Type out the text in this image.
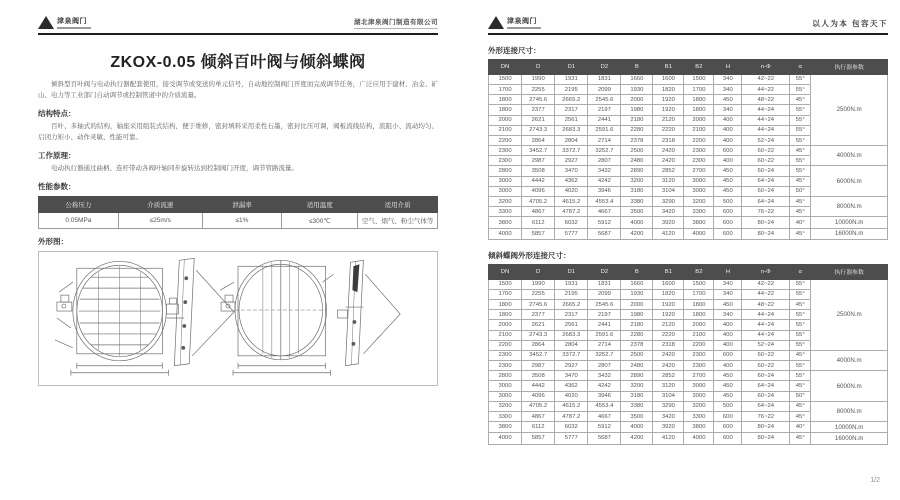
津泉阀门	湖北津泉阀门制造有限公司
ZKOX-0.05 倾斜百叶阀与倾斜蝶阀
倾斜型百叶阀与电动执行器配套使用，接受调节或变送的单元信号，自动地控制阀门开度而完成调节任务，广泛应用于建材、冶金、矿山、电力等工业部门自动调节或控制管道中的介质流量。
结构特点：
百叶、多轴式的结构，轴座采用组装式结构，便于维修，密封填料采用柔性石墨，密封比压可调，阀板流线结构，流阻小、流动均匀、启闭力矩小、动作灵敏、性能可靠。
工作原理：
电动执行器通过曲柄、连杆带动各阀叶轴同步旋转达到控制阀门开度，调节管路流量。
性能参数：
公称压力	介质流速	泄漏率	适用温度	适用介质
0.05MPa	≤25m/s	≤1%	≤300℃	空气、烟气、粉尘气体等
外形图：
津泉阀门	以人为本 包容天下
外形连接尺寸：
DN	D	D1	D2	B	B1	B2	H	n-Φ	α	执行器参数
1500	1990	1931	1831	1660	1600	1500	340	42~22	55°	2500N.m
1700	2255	2195	2099	1930	1820	1700	340	44~22	55°	
1800	2745.6	2665.2	2545.6	2000	1920	1800	450	48~22	45°	
1800	2377	2317	2197	1980	1920	1800	340	44~24	55°	
2000	2621	2561	2441	2180	2120	2000	400	44~24	55°	
2100	2743.3	2683.3	2591.6	2280	2220	2100	400	44~24	55°	
2200	2864	2804	2714	2378	2318	2200	400	52~24	55°	
2300	3452.7	3372.7	3252.7	2500	2420	2300	600	60~22	45°	4000N.m
2300	2987	2927	2807	2480	2420	2300	400	60~22	55°	
2800	3508	3470	3432	2890	2852	2700	450	60~24	55°	6000N.m
3000	4442	4362	4242	3200	3120	3000	450	64~24	45°	
3000	4096	4020	3946	3180	3104	3000	450	60~24	50°	
3200	4705.2	4615.2	4553.4	3380	3290	3200	500	64~24	45°	8000N.m
3300	4867	4787.2	4667	3500	3420	3300	600	76~22	45°	
3800	6112	6032	5912	4000	3920	3800	600	80~24	40°	10000N.m
4000	5857	5777	5687	4200	4120	4000	600	80~24	45°	16000N.m
倾斜蝶阀外形连接尺寸：
DN	D	D1	D2	B	B1	B2	H	n-Φ	α	执行器参数
1500	1990	1931	1831	1660	1600	1500	340	42~22	55°	2500N.m
1700	2255	2195	2099	1930	1820	1700	340	44~22	55°	
1800	2745.6	2665.2	2545.6	2000	1920	1800	450	48~22	45°	
1800	2377	2317	2197	1980	1920	1800	340	44~24	55°	
2000	2621	2561	2441	2180	2120	2000	400	44~24	55°	
2100	2743.3	2683.3	2591.6	2280	2220	2100	400	44~24	55°	
2200	2864	2804	2714	2378	2318	2200	400	52~24	55°	
2300	3452.7	3372.7	3252.7	2500	2420	2300	600	60~22	45°	4000N.m
2300	2987	2927	2807	2480	2420	2300	400	60~22	55°	
2800	3508	3470	3432	2890	2852	2700	450	60~24	55°	6000N.m
3000	4442	4362	4242	3200	3120	3000	450	64~24	45°	
3000	4096	4020	3946	3180	3104	3000	450	60~24	50°	
3200	4705.2	4615.2	4553.4	3380	3290	3200	500	64~24	45°	8000N.m
3300	4867	4787.2	4667	3500	3420	3300	600	76~22	45°	
3800	6112	6032	5912	4000	3920	3800	600	80~24	40°	10000N.m
4000	5857	5777	5687	4200	4120	4000	600	80~24	45°	16000N.m
1/2
